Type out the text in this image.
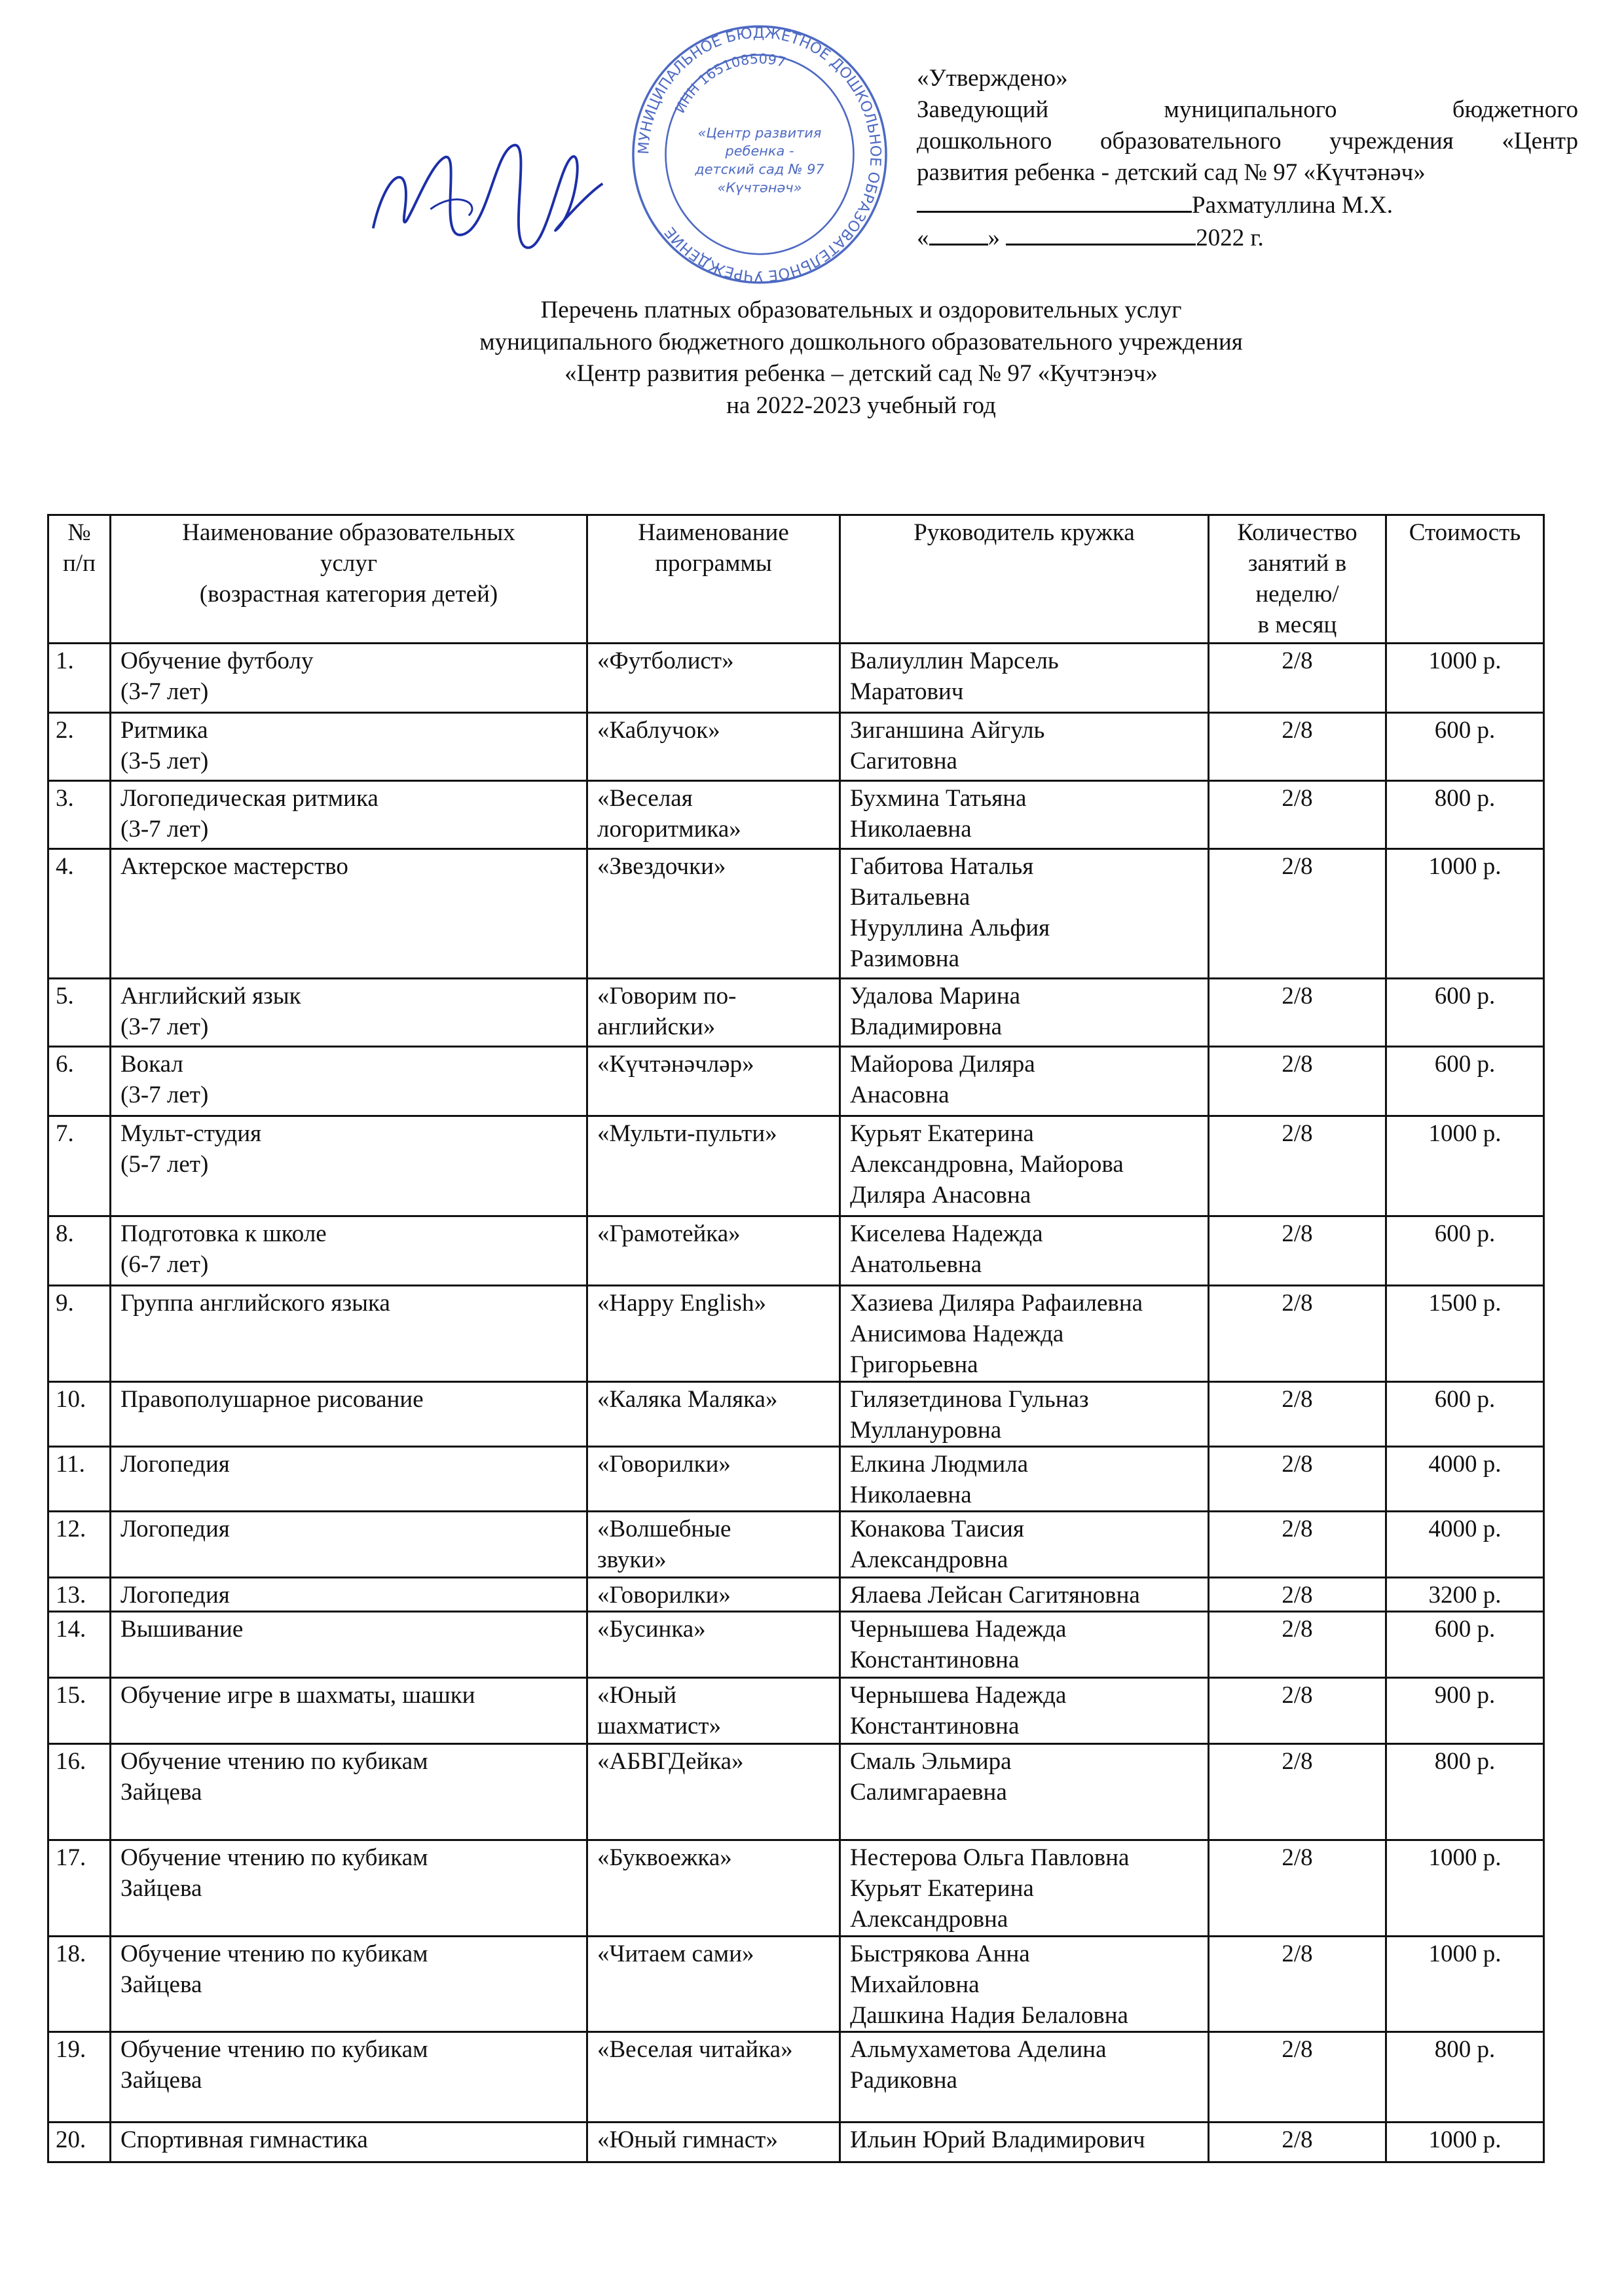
«Утверждено»
Заведующий муниципального бюджетного
дошкольного образовательного учреждения «Центр
развития ребенка - детский сад № 97 «Күчтәнәч»
Рахматуллина М.Х.
« »	2022 г.
МУНИЦИПАЛЬНОЕ БЮДЖЕТНОЕ ДОШКОЛЬНОЕ ОБРАЗОВАТЕЛЬНОЕ УЧРЕЖДЕНИЕ
ИНН 1651085097
«Центр развития
ребенка -
детский сад № 97
«Күчтәнәч»
Перечень платных образовательных и оздоровительных услуг
муниципального бюджетного дошкольного образовательного учреждения
«Центр развития ребенка – детский сад № 97 «Кучтэнэч»
на 2022-2023 учебный год
№
п/п	Наименование образовательных
услуг
(возрастная категория детей)	Наименование
программы	Руководитель кружка	Количество
занятий в
неделю/
в месяц	Стоимость
1.	Обучение футболу
(3-7 лет)	«Футболист»	Валиуллин Марсель
Маратович	2/8	1000 р.
2.	Ритмика
(3-5 лет)	«Каблучок»	Зиганшина Айгуль
Сагитовна	2/8	600 р.
3.	Логопедическая ритмика
(3-7 лет)	«Веселая
логоритмика»	Бухмина Татьяна
Николаевна	2/8	800 р.
4.	Актерское мастерство	«Звездочки»	Габитова Наталья
Витальевна
Нуруллина Альфия
Разимовна	2/8	1000 р.
5.	Английский язык
(3-7 лет)	«Говорим по-
английски»	Удалова Марина
Владимировна	2/8	600 р.
6.	Вокал
(3-7 лет)	«Күчтәнәчләр»	Майорова Диляра
Анасовна	2/8	600 р.
7.	Мульт-студия
(5-7 лет)	«Мульти-пульти»	Курьят Екатерина
Александровна, Майорова
Диляра Анасовна	2/8	1000 р.
8.	Подготовка к школе
(6-7 лет)	«Грамотейка»	Киселева Надежда
Анатольевна	2/8	600 р.
9.	Группа английского языка	«Happy English»	Хазиева Диляра Рафаилевна
Анисимова Надежда
Григорьевна	2/8	1500 р.
10.	Правополушарное рисование	«Каляка Маляка»	Гилязетдинова Гульназ
Муллануровна	2/8	600 р.
11.	Логопедия	«Говорилки»	Елкина Людмила
Николаевна	2/8	4000 р.
12.	Логопедия	«Волшебные
звуки»	Конакова Таисия
Александровна	2/8	4000 р.
13.	Логопедия	«Говорилки»	Ялаева Лейсан Сагитяновна	2/8	3200 р.
14.	Вышивание	«Бусинка»	Чернышева Надежда
Константиновна	2/8	600 р.
15.	Обучение игре в шахматы, шашки	«Юный
шахматист»	Чернышева Надежда
Константиновна	2/8	900 р.
16.	Обучение чтению по кубикам
Зайцева	«АБВГДейка»	Смаль Эльмира
Салимгараевна	2/8	800 р.
17.	Обучение чтению по кубикам
Зайцева	«Буквоежка»	Нестерова Ольга Павловна
Курьят Екатерина
Александровна	2/8	1000 р.
18.	Обучение чтению по кубикам
Зайцева	«Читаем сами»	Быстрякова Анна
Михайловна
Дашкина Надия Белаловна	2/8	1000 р.
19.	Обучение чтению по кубикам
Зайцева	«Веселая читайка»	Альмухаметова Аделина
Радиковна	2/8	800 р.
20.	Спортивная гимнастика	«Юный гимнаст»	Ильин Юрий Владимирович	2/8	1000 р.
